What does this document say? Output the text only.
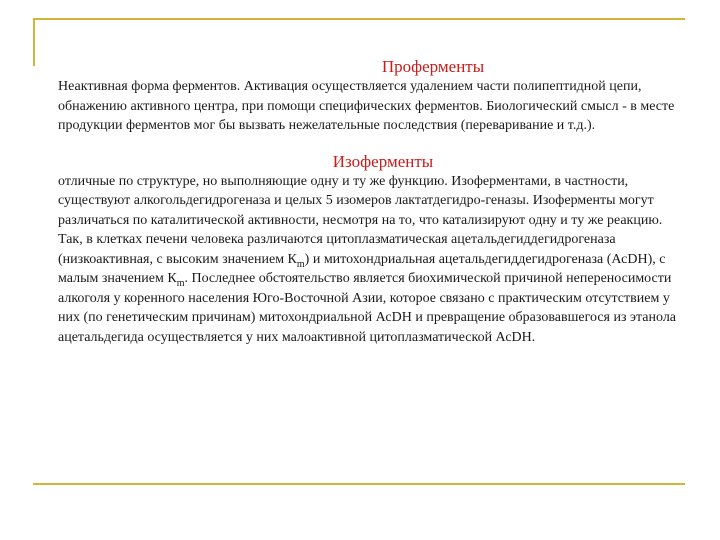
Проферменты

Неактивная форма ферментов. Активация осуществляется удалением части полипептидной цепи, обнажению активного центра, при помощи специфических ферментов. Биологический смысл - в месте продукции ферментов мог бы вызвать нежелательные последствия (переваривание и т.д.).

Изоферменты

отличные по структуре, но выполняющие одну и ту же функцию. Изоферментами, в частности, существуют алкогольдегидрогеназа и целых 5 изомеров лактатдегидро-геназы. Изоферменты могут различаться по каталитической активности, несмотря на то, что катализируют одну и ту же реакцию. Так, в клетках печени человека различаются цитоплазматическая ацетальдегиддегидрогеназа (низкоактивная, с высоким значением $К_m$) и митохондриальная ацетальдегиддегидрогеназа (АсDН), с малым значением $К_m$. Последнее обстоятельство является биохимической причиной непереносимости алкоголя у коренного населения Юго-Восточной Азии, которое связано с практическим отсутствием у них (по генетическим причинам) митохондриальной АсDН и превращение образовавшегося из этанола ацетальдегида осуществляется у них малоактивной цитоплазматической АсDН.
